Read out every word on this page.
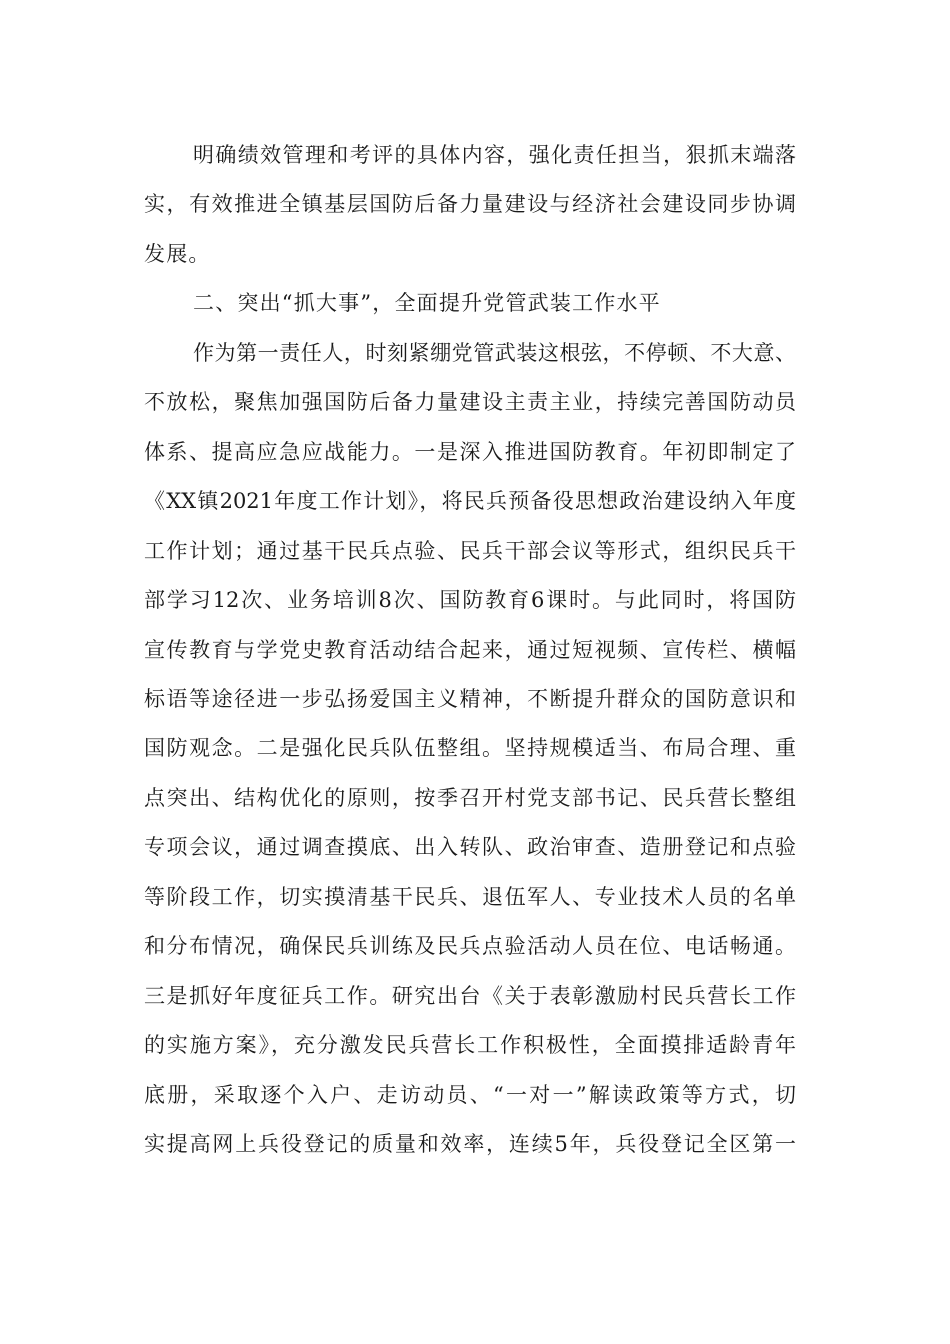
明确绩效管理和考评的具体内容，强化责任担当，狠抓末端落
实，有效推进全镇基层国防后备力量建设与经济社会建设同步协调
发展。
二、突出“抓大事”，全面提升党管武装工作水平
作为第一责任人，时刻紧绷党管武装这根弦，不停顿、不大意、
不放松，聚焦加强国防后备力量建设主责主业，持续完善国防动员
体系、提高应急应战能力。一是深入推进国防教育。年初即制定了
《XX镇2021年度工作计划》，将民兵预备役思想政治建设纳入年度
工作计划；通过基干民兵点验、民兵干部会议等形式，组织民兵干
部学习12次、业务培训8次、国防教育6课时。与此同时，将国防
宣传教育与学党史教育活动结合起来，通过短视频、宣传栏、横幅
标语等途径进一步弘扬爱国主义精神，不断提升群众的国防意识和
国防观念。二是强化民兵队伍整组。坚持规模适当、布局合理、重
点突出、结构优化的原则，按季召开村党支部书记、民兵营长整组
专项会议，通过调查摸底、出入转队、政治审查、造册登记和点验
等阶段工作，切实摸清基干民兵、退伍军人、专业技术人员的名单
和分布情况，确保民兵训练及民兵点验活动人员在位、电话畅通。
三是抓好年度征兵工作。研究出台《关于表彰激励村民兵营长工作
的实施方案》，充分激发民兵营长工作积极性，全面摸排适龄青年
底册，采取逐个入户、走访动员、“一对一”解读政策等方式，切
实提高网上兵役登记的质量和效率，连续5年，兵役登记全区第一
